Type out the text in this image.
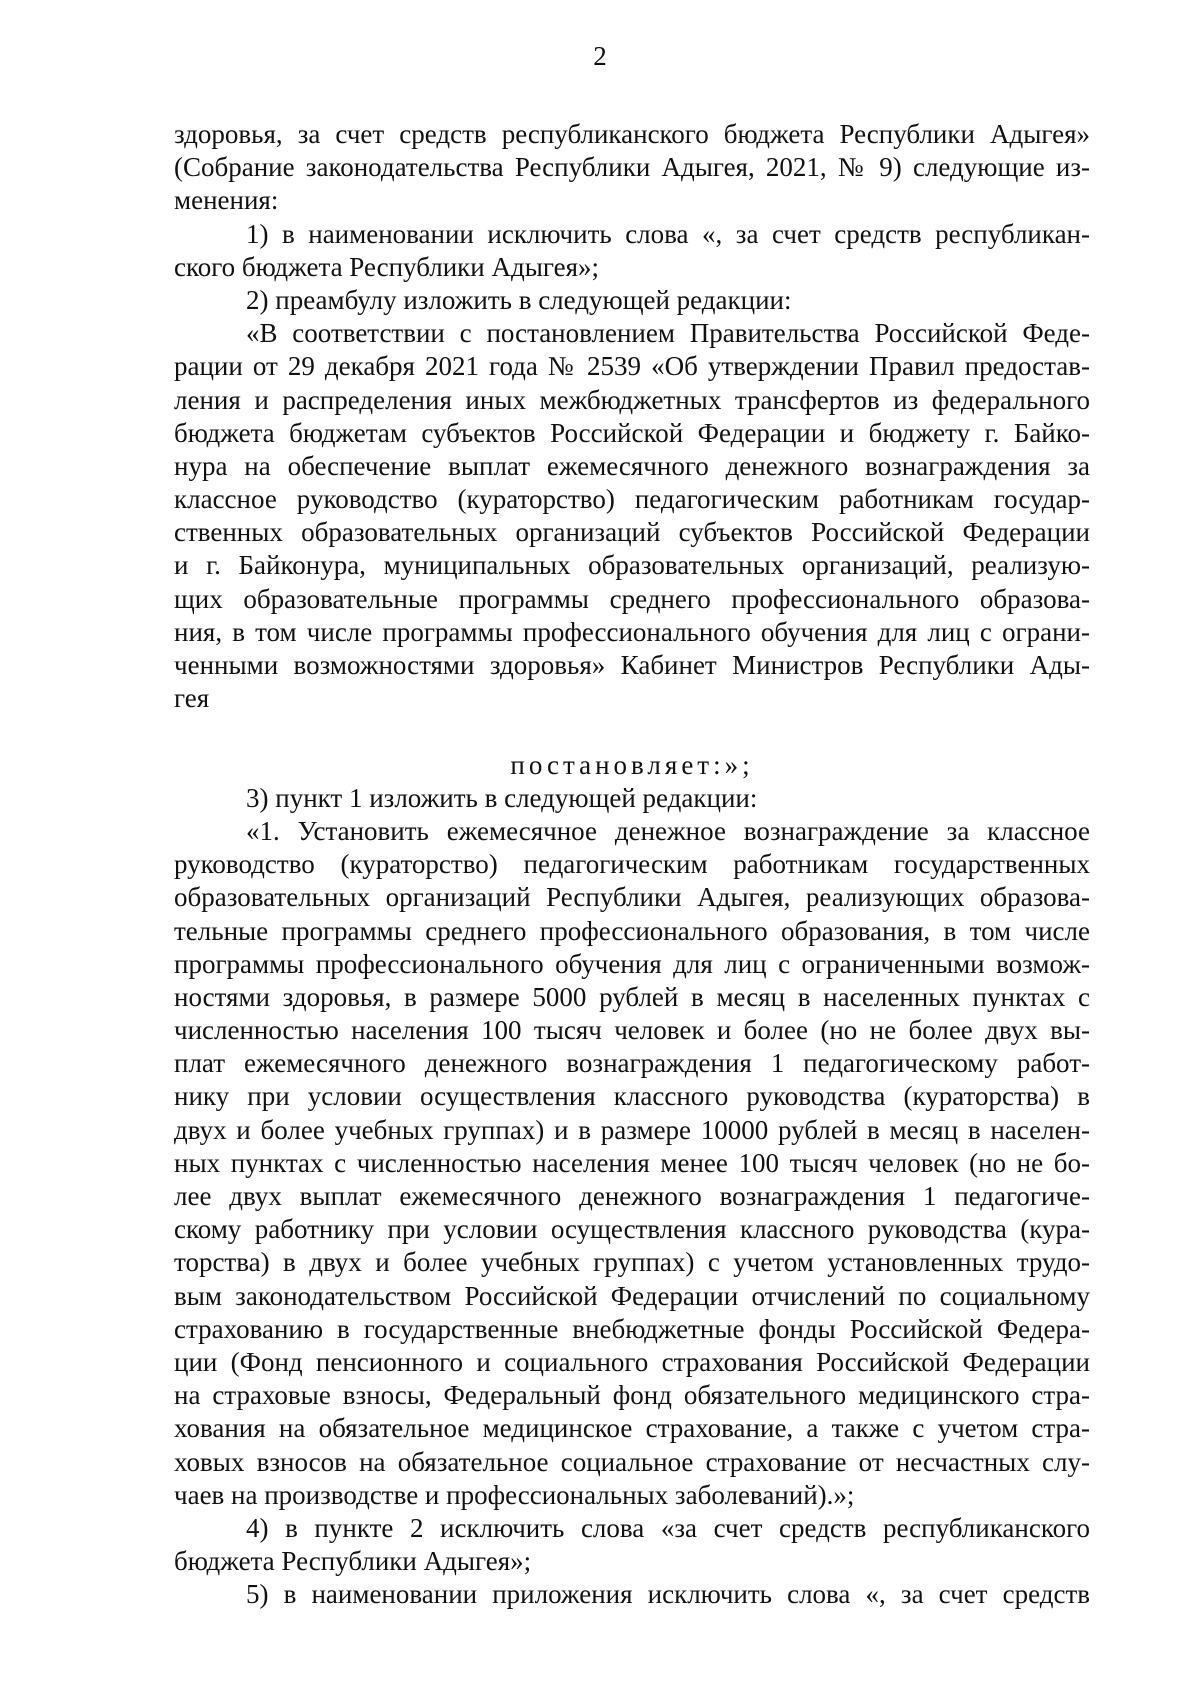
2
здоровья, за счет средств республиканского бюджета Республики Адыгея»
(Собрание законодательства Республики Адыгея, 2021, № 9) следующие из-
менения:
1) в наименовании исключить слова «, за счет средств республикан-
ского бюджета Республики Адыгея»;
2) преамбулу изложить в следующей редакции:
«В соответствии с постановлением Правительства Российской Феде-
рации от 29 декабря 2021 года № 2539 «Об утверждении Правил предостав-
ления и распределения иных межбюджетных трансфертов из федерального
бюджета бюджетам субъектов Российской Федерации и бюджету г. Байко-
нура на обеспечение выплат ежемесячного денежного вознаграждения за
классное руководство (кураторство) педагогическим работникам государ-
ственных образовательных организаций субъектов Российской Федерации
и г. Байконура, муниципальных образовательных организаций, реализую-
щих образовательные программы среднего профессионального образова-
ния, в том числе программы профессионального обучения для лиц с ограни-
ченными возможностями здоровья» Кабинет Министров Республики Ады-
гея
постановляет:»;
3) пункт 1 изложить в следующей редакции:
«1. Установить ежемесячное денежное вознаграждение за классное
руководство (кураторство) педагогическим работникам государственных
образовательных организаций Республики Адыгея, реализующих образова-
тельные программы среднего профессионального образования, в том числе
программы профессионального обучения для лиц с ограниченными возмож-
ностями здоровья, в размере 5000 рублей в месяц в населенных пунктах с
численностью населения 100 тысяч человек и более (но не более двух вы-
плат ежемесячного денежного вознаграждения 1 педагогическому работ-
нику при условии осуществления классного руководства (кураторства) в
двух и более учебных группах) и в размере 10000 рублей в месяц в населен-
ных пунктах с численностью населения менее 100 тысяч человек (но не бо-
лее двух выплат ежемесячного денежного вознаграждения 1 педагогиче-
скому работнику при условии осуществления классного руководства (кура-
торства) в двух и более учебных группах) с учетом установленных трудо-
вым законодательством Российской Федерации отчислений по социальному
страхованию в государственные внебюджетные фонды Российской Федера-
ции (Фонд пенсионного и социального страхования Российской Федерации
на страховые взносы, Федеральный фонд обязательного медицинского стра-
хования на обязательное медицинское страхование, а также с учетом стра-
ховых взносов на обязательное социальное страхование от несчастных слу-
чаев на производстве и профессиональных заболеваний).»;
4) в пункте 2 исключить слова «за счет средств республиканского
бюджета Республики Адыгея»;
5) в наименовании приложения исключить слова «, за счет средств
